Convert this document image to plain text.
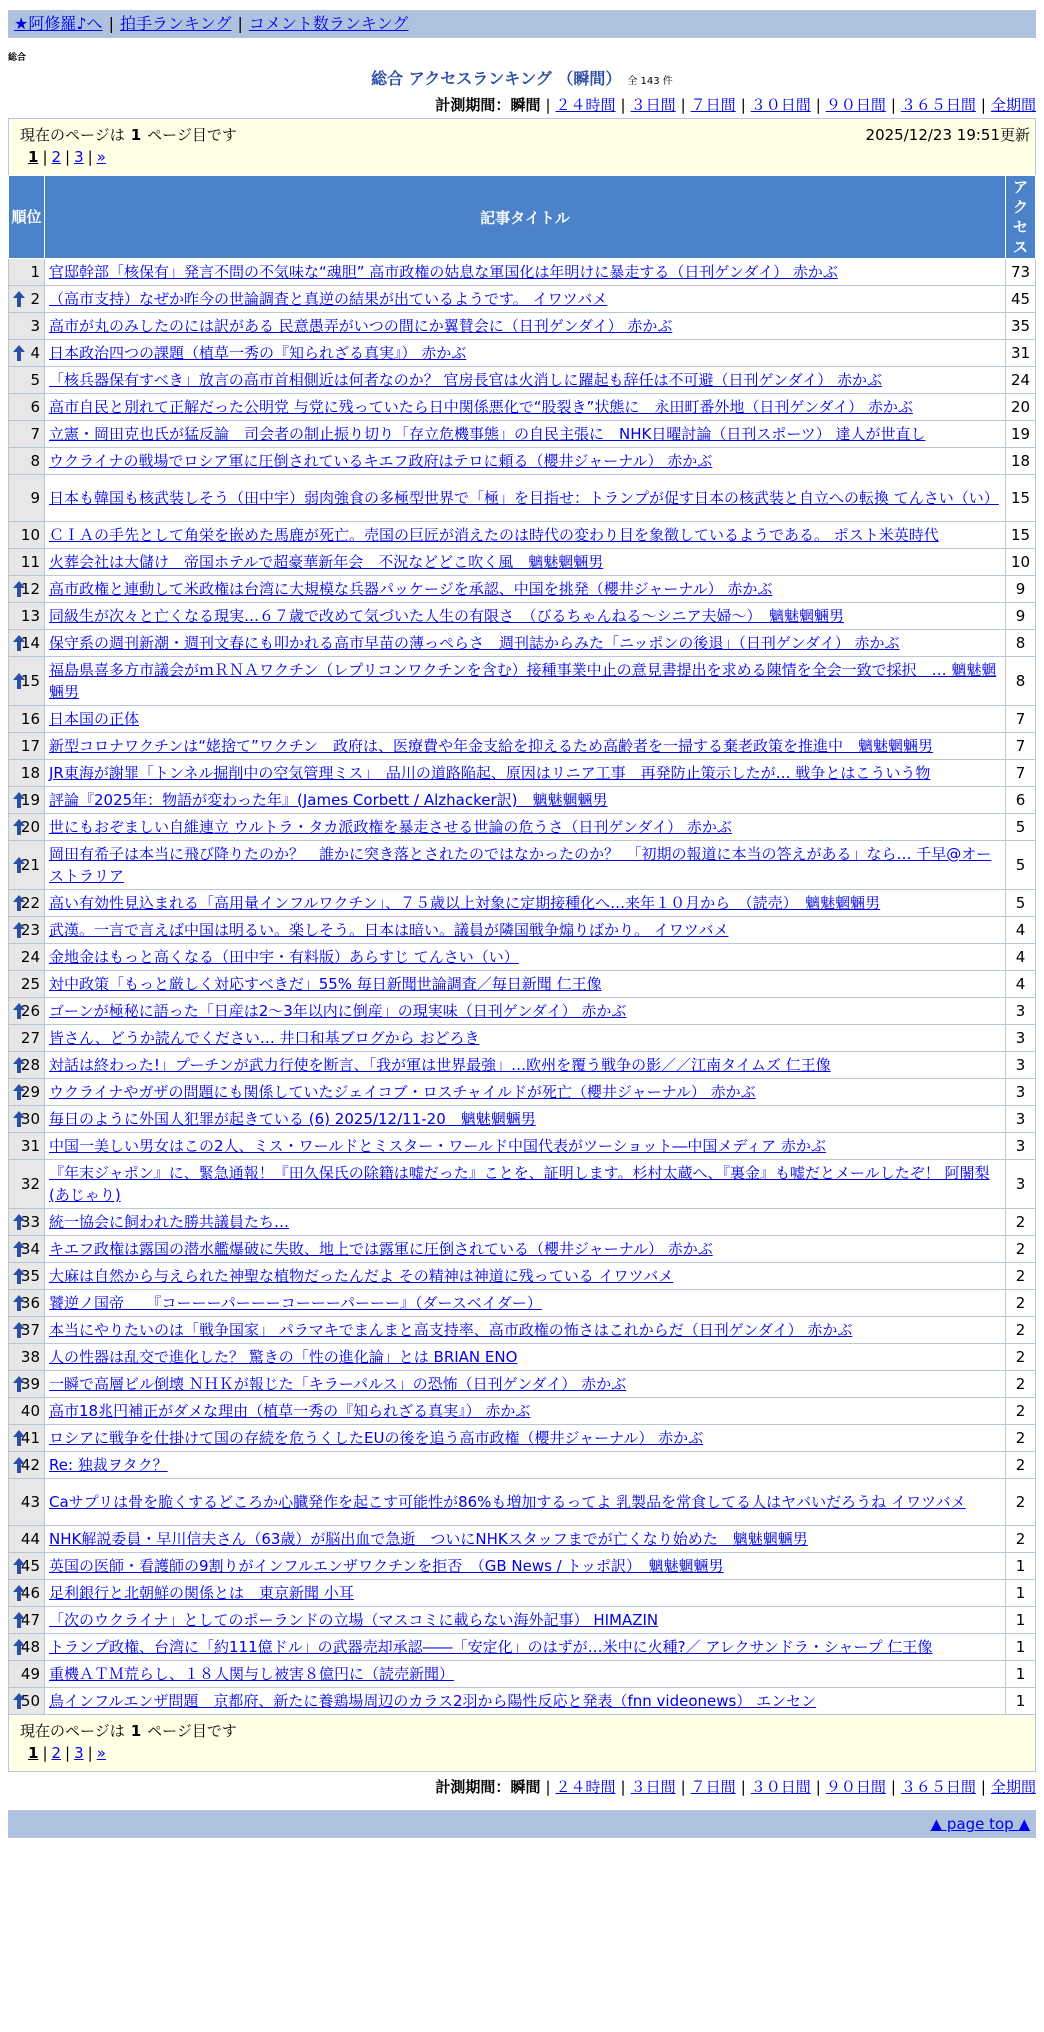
★阿修羅♪へ | 拍手ランキング | コメント数ランキング
総合
総合 アクセスランキング （瞬間） 全 143 件
計測期間：瞬間 | ２４時間 | ３日間 | ７日間 | ３０日間 | ９０日間 | ３６５日間 | 全期間
現在のページは 1 ページ目です 2025/12/23 19:51更新
1 | 2 | 3 | »		

順位	記事タイトル	アクセス
1	官邸幹部「核保有」発言不問の不気味な“魂胆” 高市政権の姑息な軍国化は年明けに暴走する（日刊ゲンダイ） 赤かぶ	73

2	（高市支持）なぜか昨今の世論調査と真逆の結果が出ているようです。 イワツバメ	45
3	高市が丸のみしたのには訳がある 民意愚弄がいつの間にか翼賛会に（日刊ゲンダイ） 赤かぶ	35

4	日本政治四つの課題（植草一秀の『知られざる真実』） 赤かぶ	31
5	「核兵器保有すべき」放言の高市首相側近は何者なのか？ 官房長官は火消しに躍起も辞任は不可避（日刊ゲンダイ） 赤かぶ	24
6	高市自民と別れて正解だった公明党 与党に残っていたら日中関係悪化で“股裂き”状態に　永田町番外地（日刊ゲンダイ） 赤かぶ	20
7	立憲・岡田克也氏が猛反論　司会者の制止振り切り「存立危機事態」の自民主張に　NHK日曜討論（日刊スポーツ） 達人が世直し	19
8	ウクライナの戦場でロシア軍に圧倒されているキエフ政府はテロに頼る（櫻井ジャーナル） 赤かぶ	18
9	日本も韓国も核武装しそう（田中宇）弱肉強食の多極型世界で「極」を目指せ：トランプが促す日本の核武装と自立への転換 てんさい（い）	15
10	ＣＩＡの手先として角栄を嵌めた馬鹿が死亡。売国の巨匠が消えたのは時代の変わり目を象徴しているようである。 ポスト米英時代	15
11	火葬会社は大儲け　帝国ホテルで超豪華新年会　不況などどこ吹く風　魑魅魍魎男	10

12	高市政権と連動して米政権は台湾に大規模な兵器パッケージを承認、中国を挑発（櫻井ジャーナル） 赤かぶ	9
13	同級生が次々と亡くなる現実…６７歳で改めて気づいた人生の有限さ　（びるちゃんねる〜シニア夫婦〜）　魑魅魍魎男	9

14	保守系の週刊新潮・週刊文春にも叩かれる高市早苗の薄っぺらさ　週刊誌からみた「ニッポンの後退」（日刊ゲンダイ） 赤かぶ	8

15	福島県喜多方市議会がｍＲＮＡワクチン（レプリコンワクチンを含む）接種事業中止の意見書提出を求める陳情を全会一致で採択　… 魑魅魍魎男	8
16	日本国の正体	7
17	新型コロナワクチンは“姥捨て”ワクチン　政府は、医療費や年金支給を抑えるため高齢者を一掃する棄老政策を推進中　魑魅魍魎男	7
18	JR東海が謝罪「トンネル掘削中の空気管理ミス」　品川の道路陥起、原因はリニア工事　再発防止策示したが… 戦争とはこういう物	7

19	評論『2025年：物語が変わった年』(James Corbett / Alzhacker訳)　魑魅魍魎男	6

20	世にもおぞましい自維連立 ウルトラ・タカ派政権を暴走させる世論の危うさ（日刊ゲンダイ） 赤かぶ	5

21	岡田有希子は本当に飛び降りたのか？　誰かに突き落とされたのではなかったのか？　「初期の報道に本当の答えがある」なら… 千早@オーストラリア	5

22	高い有効性見込まれる「高用量インフルワクチン」、７５歳以上対象に定期接種化へ…来年１０月から　（読売）　魑魅魍魎男	5

23	武漢。一言で言えば中国は明るい。楽しそう。日本は暗い。議員が隣国戦争煽りばかり。 イワツバメ	4
24	金地金はもっと高くなる（田中宇・有料版）あらすじ てんさい（い）	4
25	対中政策「もっと厳しく対応すべきだ」55% 毎日新聞世論調査／毎日新聞 仁王像	4

26	ゴーンが極秘に語った「日産は2〜3年以内に倒産」の現実味（日刊ゲンダイ） 赤かぶ	3
27	皆さん、どうか読んでください… 井口和基ブログから おどろき	3

28	対話は終わった!」プーチンが武力行使を断言、「我が軍は世界最強」…欧州を覆う戦争の影／／江南タイムズ 仁王像	3

29	ウクライナやガザの問題にも関係していたジェイコブ・ロスチャイルドが死亡（櫻井ジャーナル） 赤かぶ	3

30	毎日のように外国人犯罪が起きている (6) 2025/12/11-20　魑魅魍魎男	3
31	中国一美しい男女はこの2人、ミス・ワールドとミスター・ワールド中国代表がツーショット―中国メディア 赤かぶ	3
32	『年末ジャポン』に、緊急通報！『田久保氏の除籍は嘘だった』ことを、証明します。杉村太蔵へ、『裏金』も嘘だとメールしたぞ！ 阿闍梨(あじゃり)	3

33	統一協会に飼われた勝共議員たち…	2

34	キエフ政権は露国の潜水艦爆破に失敗、地上では露軍に圧倒されている（櫻井ジャーナル） 赤かぶ	2

35	大麻は自然から与えられた神聖な植物だったんだよ その精神は神道に残っている イワツバメ	2

36	饕逆ノ国帝　　『コーーーパーーーコーーーパーーー』（ダースベイダー）	2

37	本当にやりたいのは「戦争国家」 パラマキでまんまと高支持率、高市政権の怖さはこれからだ（日刊ゲンダイ） 赤かぶ	2
38	人の性器は乱交で進化した？ 驚きの「性の進化論」とは BRIAN ENO	2

39	一瞬で高層ビル倒壊 ＮＨＫが報じた「キラーパルス」の恐怖（日刊ゲンダイ） 赤かぶ	2
40	高市18兆円補正がダメな理由（植草一秀の『知られざる真実』） 赤かぶ	2

41	ロシアに戦争を仕掛けて国の存続を危うくしたEUの後を追う高市政権（櫻井ジャーナル） 赤かぶ	2

42	Re: 独裁ヲタク？	2
43	Caサプリは骨を脆くするどころか心臓発作を起こす可能性が86%も増加するってよ 乳製品を常食してる人はヤバいだろうね イワツバメ	2
44	NHK解説委員・早川信夫さん（63歳）が脳出血で急逝　ついにNHKスタッフまでが亡くなり始めた　魑魅魍魎男	2

45	英国の医師・看護師の9割りがインフルエンザワクチンを拒否　（GB News / トッポ訳）　魑魅魍魎男	1

46	足利銀行と北朝鮮の関係とは　東京新聞 小耳	1

47	「次のウクライナ」としてのポーランドの立場（マスコミに載らない海外記事） HIMAZIN	1

48	トランプ政権、台湾に「約111億ドル」の武器売却承認――「安定化」のはずが…米中に火種?／ アレクサンドラ・シャープ 仁王像	1
49	重機ＡＴＭ荒らし、１８人関与し被害８億円に（読売新聞）	1

50	鳥インフルエンザ問題　京都府、新たに養鶏場周辺のカラス2羽から陽性反応と発表（fnn videonews） エンセン	1

現在のページは 1 ページ目です
1 | 2 | 3 | »		
計測期間：瞬間 | ２４時間 | ３日間 | ７日間 | ３０日間 | ９０日間 | ３６５日間 | 全期間
▲ page top ▲
